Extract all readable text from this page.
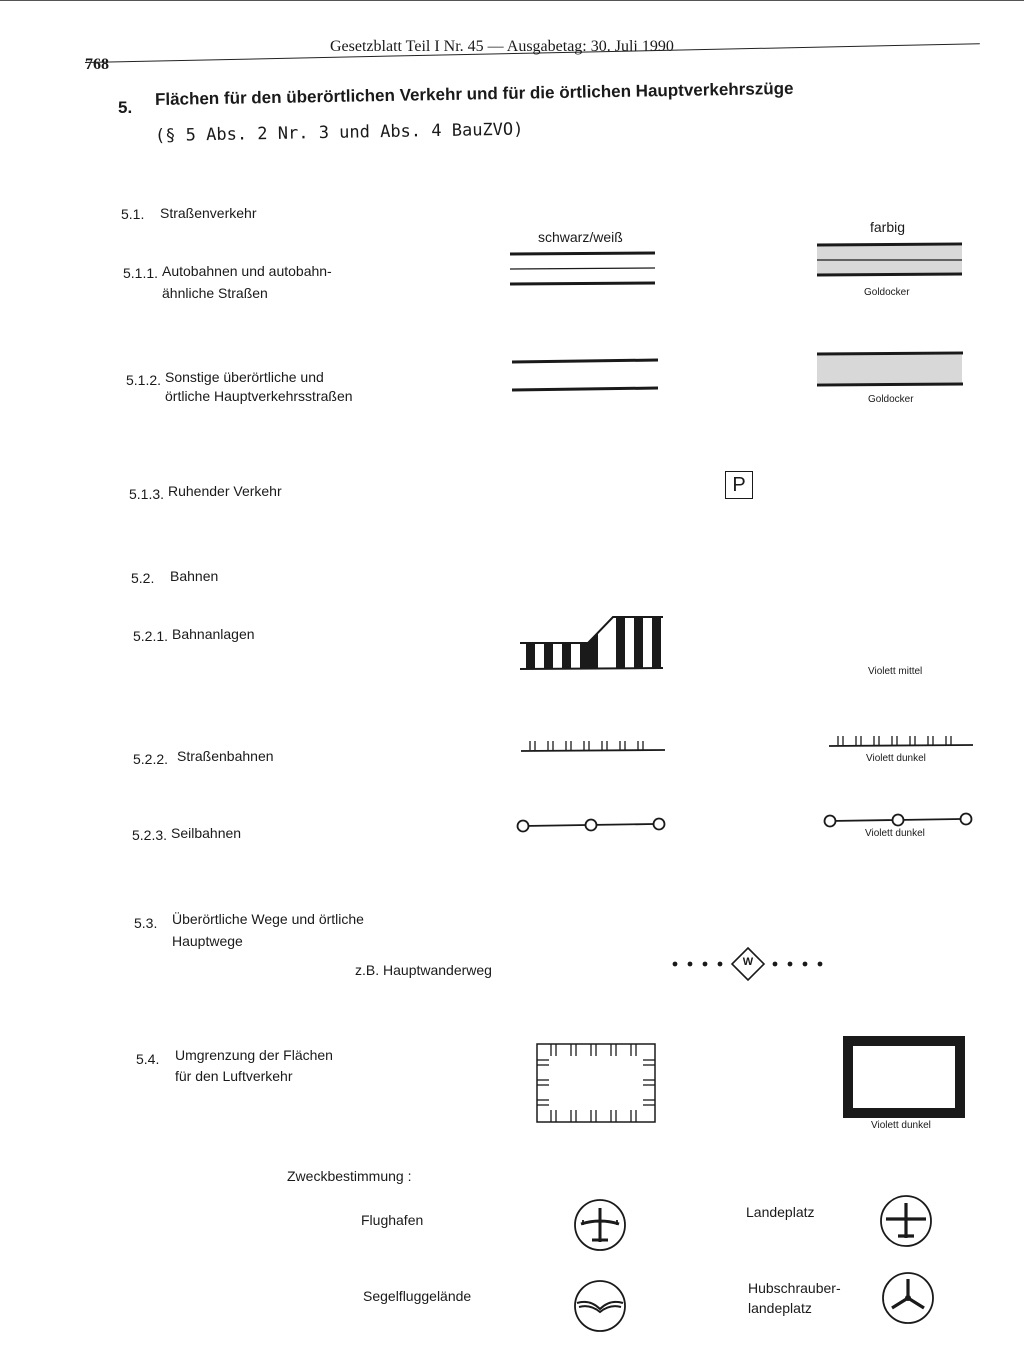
768
Gesetzblatt Teil I Nr. 45 — Ausgabetag: 30. Juli 1990
5. Flächen für den überörtlichen Verkehr und für die örtlichen Hauptverkehrszüge
(§ 5 Abs. 2 Nr. 3 und Abs. 4 BauZVO)
schwarz/weiß
farbig
5.1. Straßenverkehr
5.1.1. Autobahnen und autobahn-
ähnliche Straßen	Goldocker
5.1.2. Sonstige überörtliche und
örtliche Hauptverkehrsstraßen	Goldocker
5.1.3. Ruhender Verkehr	P
5.2. Bahnen
5.2.1. Bahnanlagen
Violett mittel
5.2.2. Straßenbahnen	Violett dunkel
5.2.3. Seilbahnen	Violett dunkel
5.3. Überörtliche Wege und örtliche
Hauptwege
z.B. Hauptwanderweg	W
5.4. Umgrenzung der Flächen
für den Luftverkehr
Violett dunkel
Zweckbestimmung :
Flughafen	Landeplatz
Segelfluggelände	Hubschrauber-
landeplatz
